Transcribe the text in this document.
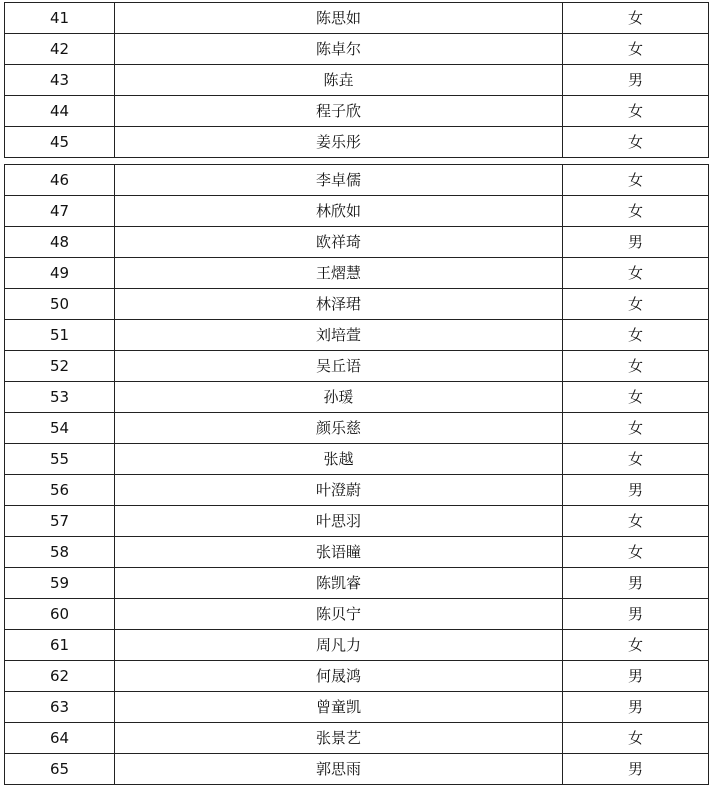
41	陈思如	女
42	陈卓尔	女
43	陈垚	男
44	程子欣	女
45	姜乐彤	女
46	李卓儒	女
47	林欣如	女
48	欧祥琦	男
49	王熠慧	女
50	林泽珺	女
51	刘培萱	女
52	吴丘语	女
53	孙瑗	女
54	颜乐慈	女
55	张越	女
56	叶澄蔚	男
57	叶思羽	女
58	张语瞳	女
59	陈凯睿	男
60	陈贝宁	男
61	周凡力	女
62	何晟鸿	男
63	曾童凯	男
64	张景艺	女
65	郭思雨	男
